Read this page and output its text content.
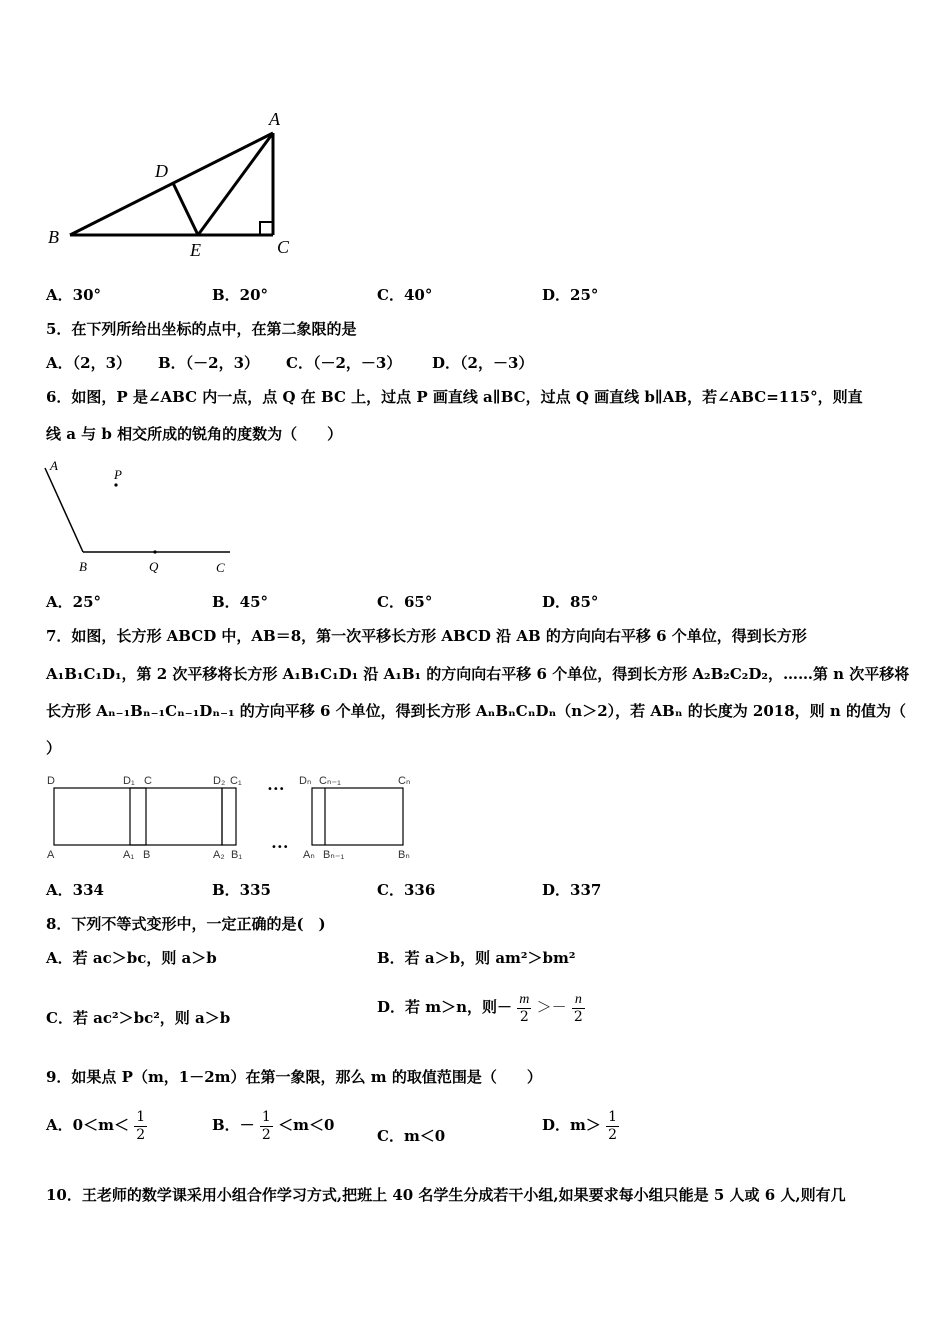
A
D
B
E	C
A．30°	B．20°	C．40°	D．25°
5．在下列所给出坐标的点中，在第二象限的是
A．（2，3） B．（－2，3） C．（－2，－3） D．（2，－3）
6．如图，P 是∠ABC 内一点，点 Q 在 BC 上，过点 P 画直线 a∥BC，过点 Q 画直线 b∥AB，若∠ABC=115°，则直
线 a 与 b 相交所成的锐角的度数为（　　）
A
P
B	Q	C
A．25°	B．45°	C．65°	D．85°
7．如图，长方形 ABCD 中，AB＝8，第一次平移长方形 ABCD 沿 AB 的方向向右平移 6 个单位，得到长方形
A₁B₁C₁D₁，第 2 次平移将长方形 A₁B₁C₁D₁ 沿 A₁B₁ 的方向向右平移 6 个单位，得到长方形 A₂B₂C₂D₂，……第 n 次平移将
长方形 Aₙ₋₁Bₙ₋₁Cₙ₋₁Dₙ₋₁ 的方向平移 6 个单位，得到长方形 AₙBₙCₙDₙ（n＞2），若 ABₙ 的长度为 2018，则 n 的值为（
）
•••
•••
D	D₁ C	D₂ C₁	Dₙ Cₙ₋₁	Cₙ
A	A₁ B	A₂ B₁	Aₙ Bₙ₋₁	Bₙ
A．334	B．335	C．336	D．337
8．下列不等式变形中，一定正确的是(　)
A．若 ac＞bc，则 a＞b	B．若 a＞b，则 am²＞bm²
C．若 ac²＞bc²，则 a＞b
D．若 m＞n，则－ $\frac{m}{2} >- \frac{n}{2}$
9．如果点 P（m，1－2m）在第一象限，那么 m 的取值范围是（　　）
A．$0<m< \frac{1}{2}$	B．－ $\frac{1}{2} <m<0$
C．m＜0
D．$m> \frac{1}{2}$
10．王老师的数学课采用小组合作学习方式,把班上 40 名学生分成若干小组,如果要求每小组只能是 5 人或 6 人,则有几
